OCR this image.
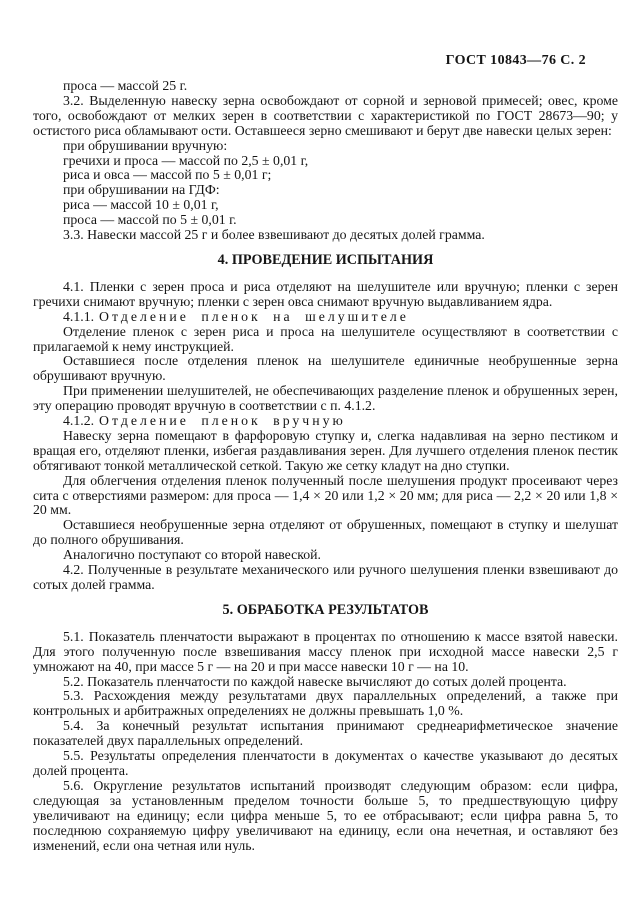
ГОСТ 10843—76 С. 2

проса — массой 25 г.

3.2. Выделенную навеску зерна освобождают от сорной и зерновой примесей; овес, кроме того, освобождают от мелких зерен в соответствии с характеристикой по ГОСТ 28673—90; у остистого риса обламывают ости. Оставшееся зерно смешивают и берут две навески целых зерен:

при обрушивании вручную:

гречихи и проса — массой по 2,5 ± 0,01 г,

риса и овса — массой по 5 ± 0,01 г;

при обрушивании на ГДФ:

риса — массой 10 ± 0,01 г,

проса — массой по 5 ± 0,01 г.

3.3. Навески массой 25 г и более взвешивают до десятых долей грамма.

4. ПРОВЕДЕНИЕ ИСПЫТАНИЯ

4.1. Пленки с зерен проса и риса отделяют на шелушителе или вручную; пленки с зерен гречихи снимают вручную; пленки с зерен овса снимают вручную выдавливанием ядра.

4.1.1. Отделение пленок на шелушителе

Отделение пленок с зерен риса и проса на шелушителе осуществляют в соответствии с прилагаемой к нему инструкцией.

Оставшиеся после отделения пленок на шелушителе единичные необрушенные зерна обрушивают вручную.

При применении шелушителей, не обеспечивающих разделение пленок и обрушенных зерен, эту операцию проводят вручную в соответствии с п. 4.1.2.

4.1.2. Отделение пленок вручную

Навеску зерна помещают в фарфоровую ступку и, слегка надавливая на зерно пестиком и вращая его, отделяют пленки, избегая раздавливания зерен. Для лучшего отделения пленок пестик обтягивают тонкой металлической сеткой. Такую же сетку кладут на дно ступки.

Для облегчения отделения пленок полученный после шелушения продукт просеивают через сита с отверстиями размером: для проса — 1,4 × 20 или 1,2 × 20 мм; для риса — 2,2 × 20 или 1,8 × 20 мм.

Оставшиеся необрушенные зерна отделяют от обрушенных, помещают в ступку и шелушат до полного обрушивания.

Аналогично поступают со второй навеской.

4.2. Полученные в результате механического или ручного шелушения пленки взвешивают до сотых долей грамма.

5. ОБРАБОТКА РЕЗУЛЬТАТОВ

5.1. Показатель пленчатости выражают в процентах по отношению к массе взятой навески. Для этого полученную после взвешивания массу пленок при исходной массе навески 2,5 г умножают на 40, при массе 5 г — на 20 и при массе навески 10 г — на 10.

5.2. Показатель пленчатости по каждой навеске вычисляют до сотых долей процента.

5.3. Расхождения между результатами двух параллельных определений, а также при контрольных и арбитражных определениях не должны превышать 1,0 %.

5.4. За конечный результат испытания принимают среднеарифметическое значение показателей двух параллельных определений.

5.5. Результаты определения пленчатости в документах о качестве указывают до десятых долей процента.

5.6. Округление результатов испытаний производят следующим образом: если цифра, следующая за установленным пределом точности больше 5, то предшествующую цифру увеличивают на единицу; если цифра меньше 5, то ее отбрасывают; если цифра равна 5, то последнюю сохраняемую цифру увеличивают на единицу, если она нечетная, и оставляют без изменений, если она четная или нуль.
